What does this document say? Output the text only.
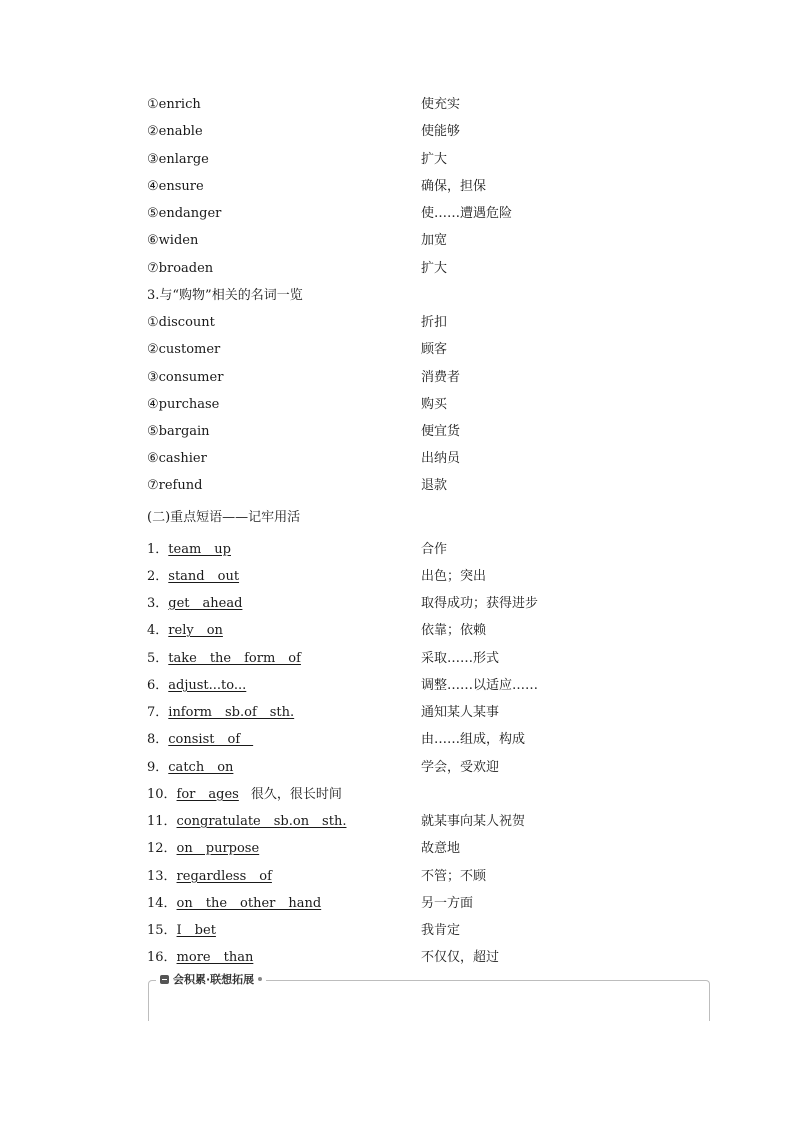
①enrich	使充实
②enable	使能够
③enlarge	扩大
④ensure	确保，担保
⑤endanger	使……遭遇危险
⑥widen	加宽
⑦broaden	扩大
3.与“购物”相关的名词一览
①discount	折扣
②customer	顾客
③consumer	消费者
④purchase	购买
⑤bargain	便宜货
⑥cashier	出纳员
⑦refund	退款
(二)重点短语——记牢用活
1．team　up	合作
2．stand　out	出色；突出
3．get　ahead	取得成功；获得进步
4．rely　on	依靠；依赖
5．take　the　form　of	采取……形式
6．adjust...to...	调整……以适应……
7．inform　sb.of　sth.	通知某人某事
8．consist　of　	由……组成，构成
9．catch　on	学会，受欢迎
10．for　ages 很久，很长时间
11．congratulate　sb.on　sth.	就某事向某人祝贺
12．on　purpose	故意地
13．regardless　of	不管；不顾
14．on　the　other　hand	另一方面
15．I　bet	我肯定
16．more　than	不仅仅，超过
会积累·联想拓展
